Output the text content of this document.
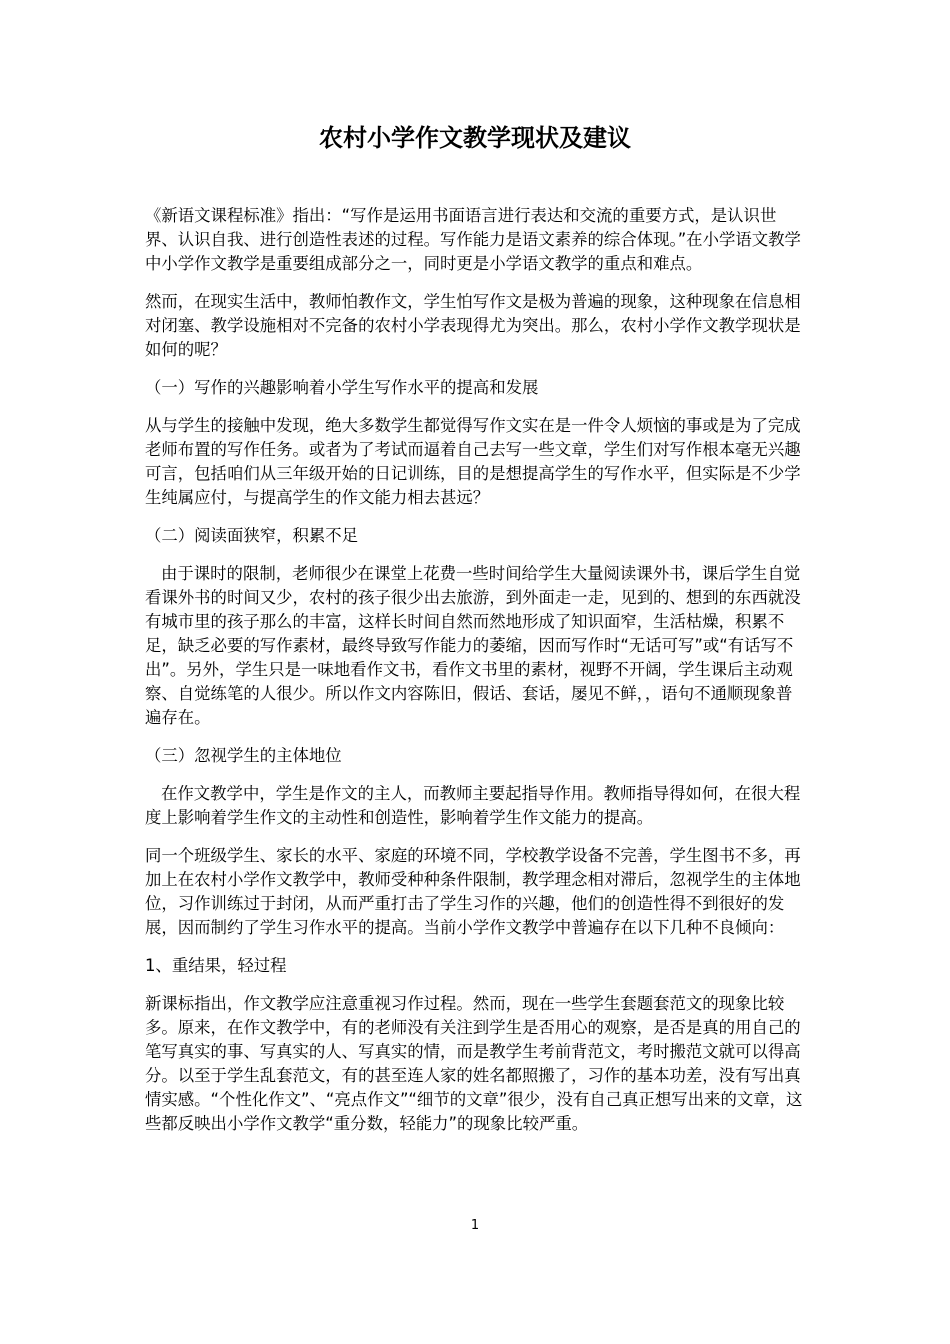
农村小学作文教学现状及建议

《新语文课程标准》指出：“写作是运用书面语言进行表达和交流的重要方式，是认识世界、认识自我、进行创造性表述的过程。写作能力是语文素养的综合体现。”在小学语文教学中小学作文教学是重要组成部分之一，同时更是小学语文教学的重点和难点。

然而，在现实生活中，教师怕教作文，学生怕写作文是极为普遍的现象，这种现象在信息相对闭塞、教学设施相对不完备的农村小学表现得尤为突出。那么，农村小学作文教学现状是如何的呢？

（一）写作的兴趣影响着小学生写作水平的提高和发展

从与学生的接触中发现，绝大多数学生都觉得写作文实在是一件令人烦恼的事或是为了完成老师布置的写作任务。或者为了考试而逼着自己去写一些文章，学生们对写作根本毫无兴趣可言，包括咱们从三年级开始的日记训练，目的是想提高学生的写作水平，但实际是不少学生纯属应付，与提高学生的作文能力相去甚远？

（二）阅读面狭窄，积累不足

由于课时的限制，老师很少在课堂上花费一些时间给学生大量阅读课外书，课后学生自觉看课外书的时间又少，农村的孩子很少出去旅游，到外面走一走，见到的、想到的东西就没有城市里的孩子那么的丰富，这样长时间自然而然地形成了知识面窄，生活枯燥，积累不足，缺乏必要的写作素材，最终导致写作能力的萎缩，因而写作时“无话可写”或“有话写不出”。另外，学生只是一味地看作文书，看作文书里的素材，视野不开阔，学生课后主动观察、自觉练笔的人很少。所以作文内容陈旧，假话、套话，屡见不鲜，，语句不通顺现象普遍存在。

（三）忽视学生的主体地位

在作文教学中，学生是作文的主人，而教师主要起指导作用。教师指导得如何，在很大程度上影响着学生作文的主动性和创造性，影响着学生作文能力的提高。

同一个班级学生、家长的水平、家庭的环境不同，学校教学设备不完善，学生图书不多，再加上在农村小学作文教学中，教师受种种条件限制，教学理念相对滞后，忽视学生的主体地位，习作训练过于封闭，从而严重打击了学生习作的兴趣，他们的创造性得不到很好的发展，因而制约了学生习作水平的提高。当前小学作文教学中普遍存在以下几种不良倾向：

1、重结果，轻过程

新课标指出，作文教学应注意重视习作过程。然而，现在一些学生套题套范文的现象比较多。原来，在作文教学中，有的老师没有关注到学生是否用心的观察，是否是真的用自己的笔写真实的事、写真实的人、写真实的情，而是教学生考前背范文，考时搬范文就可以得高分。以至于学生乱套范文，有的甚至连人家的姓名都照搬了，习作的基本功差，没有写出真情实感。“个性化作文”、“亮点作文”“细节的文章”很少，没有自己真正想写出来的文章，这些都反映出小学作文教学“重分数，轻能力”的现象比较严重。

1
